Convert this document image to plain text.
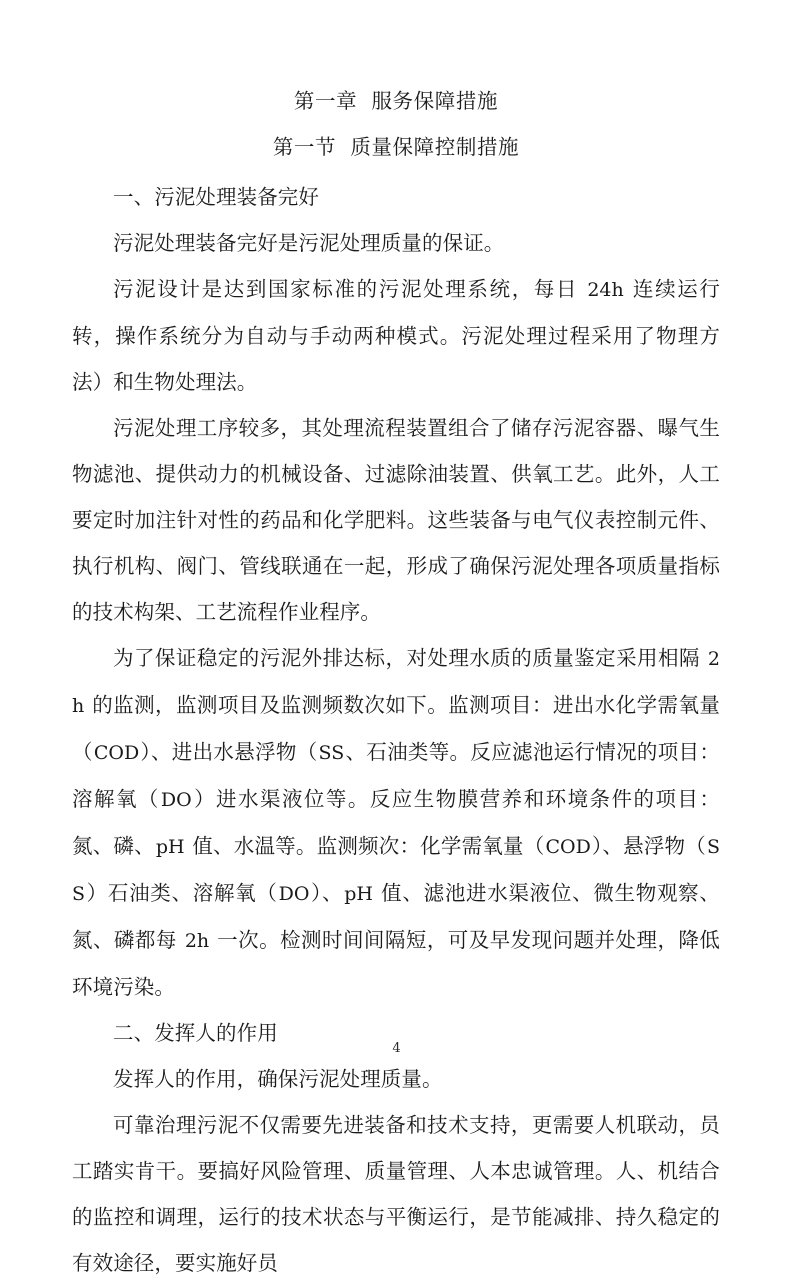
第一章  服务保障措施
第一节  质量保障控制措施

一、污泥处理装备完好

污泥处理装备完好是污泥处理质量的保证。

污泥设计是达到国家标准的污泥处理系统，每日 24h 连续运行转，操作系统分为自动与手动两种模式。污泥处理过程采用了物理方法）和生物处理法。

污泥处理工序较多，其处理流程装置组合了储存污泥容器、曝气生物滤池、提供动力的机械设备、过滤除油装置、供氧工艺。此外，人工要定时加注针对性的药品和化学肥料。这些装备与电气仪表控制元件、执行机构、阀门、管线联通在一起，形成了确保污泥处理各项质量指标的技术构架、工艺流程作业程序。

为了保证稳定的污泥外排达标，对处理水质的质量鉴定采用相隔 2h 的监测，监测项目及监测频数次如下。监测项目：进出水化学需氧量（COD）、进出水悬浮物（SS、石油类等。反应滤池运行情况的项目：溶解氧（DO）进水渠液位等。反应生物膜营养和环境条件的项目：氮、磷、pH 值、水温等。监测频次：化学需氧量（COD）、悬浮物（SS）石油类、溶解氧（DO）、pH 值、滤池进水渠液位、微生物观察、氮、磷都每 2h 一次。检测时间间隔短，可及早发现问题并处理，降低环境污染。

二、发挥人的作用

发挥人的作用，确保污泥处理质量。

可靠治理污泥不仅需要先进装备和技术支持，更需要人机联动，员工踏实肯干。要搞好风险管理、质量管理、人本忠诚管理。人、机结合的监控和调理，运行的技术状态与平衡运行，是节能减排、持久稳定的有效途径，要实施好员

4
